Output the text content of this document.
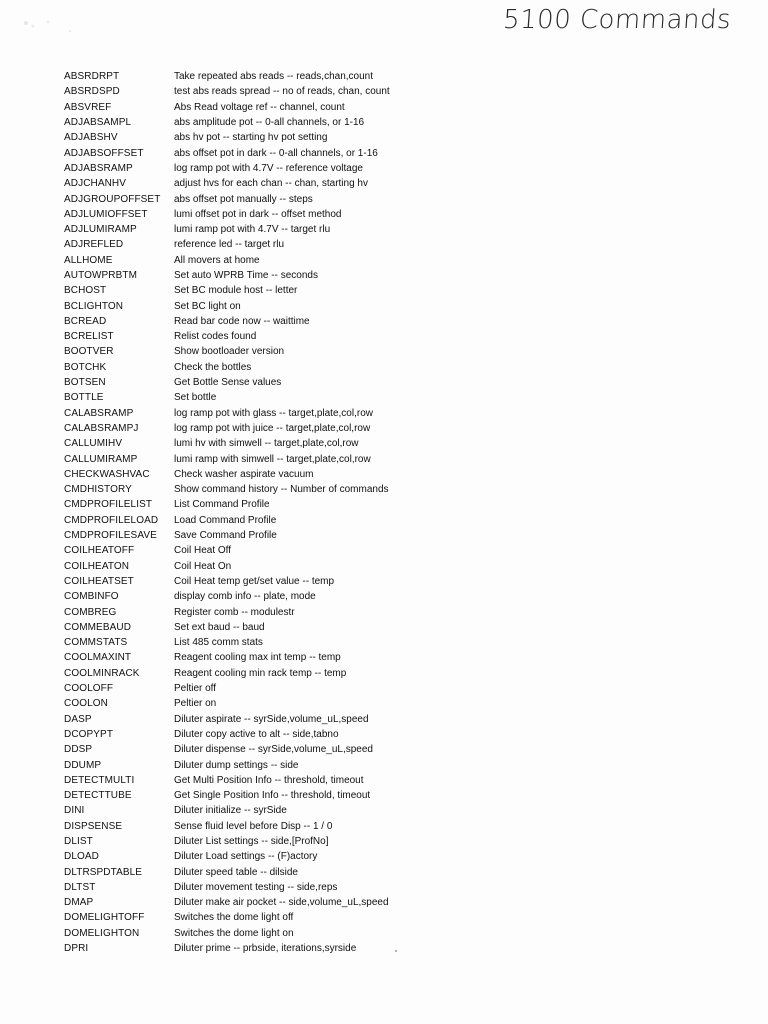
5100 Commands
ABSRDRPT	Take repeated abs reads -- reads,chan,count
ABSRDSPD	test abs reads spread -- no of reads, chan, count
ABSVREF	Abs Read voltage ref -- channel, count
ADJABSAMPL	abs amplitude pot -- 0-all channels, or 1-16
ADJABSHV	abs hv pot -- starting hv pot setting
ADJABSOFFSET	abs offset pot in dark -- 0-all channels, or 1-16
ADJABSRAMP	log ramp pot with 4.7V -- reference voltage
ADJCHANHV	adjust hvs for each chan -- chan, starting hv
ADJGROUPOFFSET	abs offset pot manually -- steps
ADJLUMIOFFSET	lumi offset pot in dark -- offset method
ADJLUMIRAMP	lumi ramp pot with 4.7V -- target rlu
ADJREFLED	reference led -- target rlu
ALLHOME	All movers at home
AUTOWPRBTM	Set auto WPRB Time -- seconds
BCHOST	Set BC module host -- letter
BCLIGHTON	Set BC light on
BCREAD	Read bar code now -- waittime
BCRELIST	Relist codes found
BOOTVER	Show bootloader version
BOTCHK	Check the bottles
BOTSEN	Get Bottle Sense values
BOTTLE	Set bottle
CALABSRAMP	log ramp pot with glass -- target,plate,col,row
CALABSRAMPJ	log ramp pot with juice -- target,plate,col,row
CALLUMIHV	lumi hv with simwell -- target,plate,col,row
CALLUMIRAMP	lumi ramp with simwell -- target,plate,col,row
CHECKWASHVAC	Check washer aspirate vacuum
CMDHISTORY	Show command history -- Number of commands
CMDPROFILELIST	List Command Profile
CMDPROFILELOAD	Load Command Profile
CMDPROFILESAVE	Save Command Profile
COILHEATOFF	Coil Heat Off
COILHEATON	Coil Heat On
COILHEATSET	Coil Heat temp get/set value -- temp
COMBINFO	display comb info -- plate, mode
COMBREG	Register comb -- modulestr
COMMEBAUD	Set ext baud -- baud
COMMSTATS	List 485 comm stats
COOLMAXINT	Reagent cooling max int temp -- temp
COOLMINRACK	Reagent cooling min rack temp -- temp
COOLOFF	Peltier off
COOLON	Peltier on
DASP	Diluter aspirate -- syrSide,volume_uL,speed
DCOPYPT	Diluter copy active to alt -- side,tabno
DDSP	Diluter dispense -- syrSide,volume_uL,speed
DDUMP	Diluter dump settings -- side
DETECTMULTI	Get Multi Position Info -- threshold, timeout
DETECTTUBE	Get Single Position Info -- threshold, timeout
DINI	Diluter initialize -- syrSide
DISPSENSE	Sense fluid level before Disp -- 1 / 0
DLIST	Diluter List settings -- side,[ProfNo]
DLOAD	Diluter Load settings -- (F)actory
DLTRSPDTABLE	Diluter speed table -- dilside
DLTST	Diluter movement testing -- side,reps
DMAP	Diluter make air pocket -- side,volume_uL,speed
DOMELIGHTOFF	Switches the dome light off
DOMELIGHTON	Switches the dome light on
DPRI	Diluter prime -- prbside, iterations,syrside
